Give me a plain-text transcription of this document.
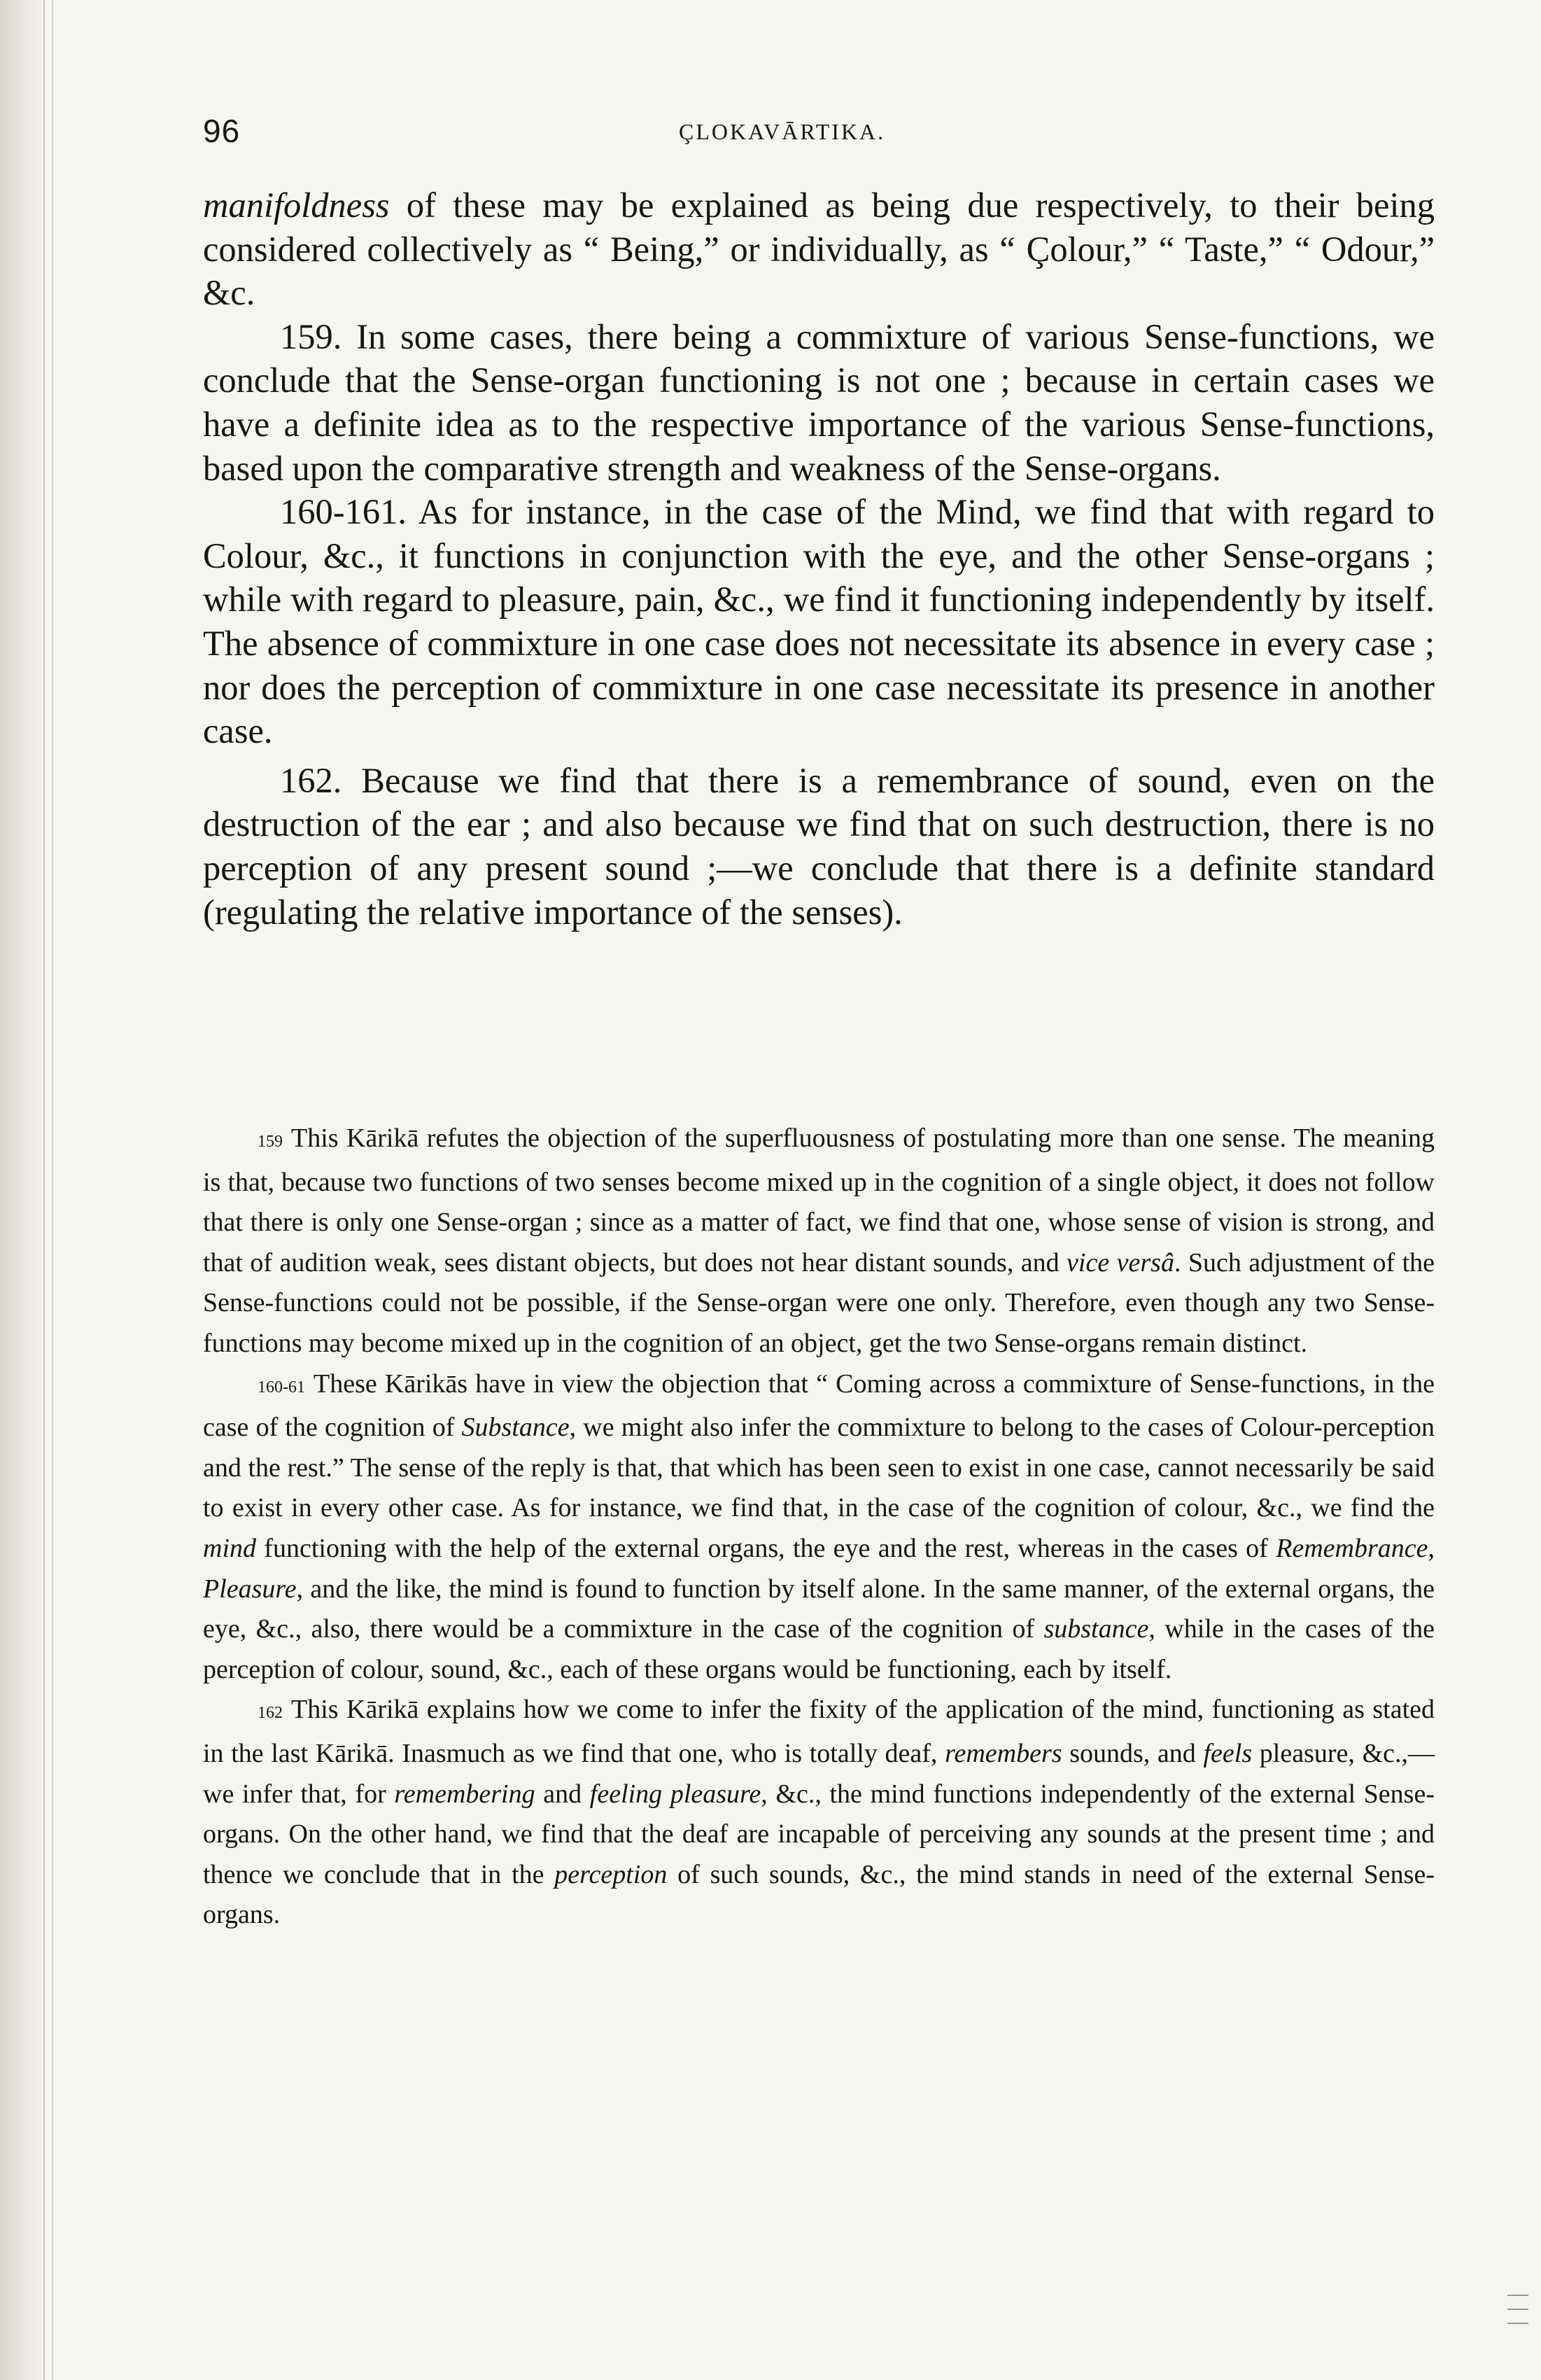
96	ÇLOKAVĀRTIKA.

manifoldness of these may be explained as being due respectively, to their being considered collectively as “ Being,” or individually, as “ Çolour,” “ Taste,” “ Odour,” &c.

159. In some cases, there being a commixture of various Sense-functions, we conclude that the Sense-organ functioning is not one ; because in certain cases we have a definite idea as to the respective importance of the various Sense-functions, based upon the comparative strength and weakness of the Sense-organs.

160-161. As for instance, in the case of the Mind, we find that with regard to Colour, &c., it functions in conjunction with the eye, and the other Sense-organs ; while with regard to pleasure, pain, &c., we find it functioning independently by itself. The absence of commixture in one case does not necessitate its absence in every case ; nor does the perception of commixture in one case necessitate its presence in another case.

162. Because we find that there is a remembrance of sound, even on the destruction of the ear ; and also because we find that on such destruction, there is no perception of any present sound ;—we conclude that there is a definite standard (regulating the relative importance of the senses).

159 This Kārikā refutes the objection of the superfluousness of postulating more than one sense. The meaning is that, because two functions of two senses become mixed up in the cognition of a single object, it does not follow that there is only one Sense-organ ; since as a matter of fact, we find that one, whose sense of vision is strong, and that of audition weak, sees distant objects, but does not hear distant sounds, and vice versâ. Such adjustment of the Sense-functions could not be possible, if the Sense-organ were one only. Therefore, even though any two Sense-functions may become mixed up in the cognition of an object, get the two Sense-organs remain distinct.

160-61 These Kārikās have in view the objection that “ Coming across a commixture of Sense-functions, in the case of the cognition of Substance, we might also infer the commixture to belong to the cases of Colour-perception and the rest.” The sense of the reply is that, that which has been seen to exist in one case, cannot necessarily be said to exist in every other case. As for instance, we find that, in the case of the cognition of colour, &c., we find the mind functioning with the help of the external organs, the eye and the rest, whereas in the cases of Remembrance, Pleasure, and the like, the mind is found to function by itself alone. In the same manner, of the external organs, the eye, &c., also, there would be a commixture in the case of the cognition of substance, while in the cases of the perception of colour, sound, &c., each of these organs would be functioning, each by itself.

162 This Kārikā explains how we come to infer the fixity of the application of the mind, functioning as stated in the last Kārikā. Inasmuch as we find that one, who is totally deaf, remembers sounds, and feels pleasure, &c.,—we infer that, for remembering and feeling pleasure, &c., the mind functions independently of the external Sense-organs. On the other hand, we find that the deaf are incapable of perceiving any sounds at the present time ; and thence we conclude that in the perception of such sounds, &c., the mind stands in need of the external Sense-organs.
